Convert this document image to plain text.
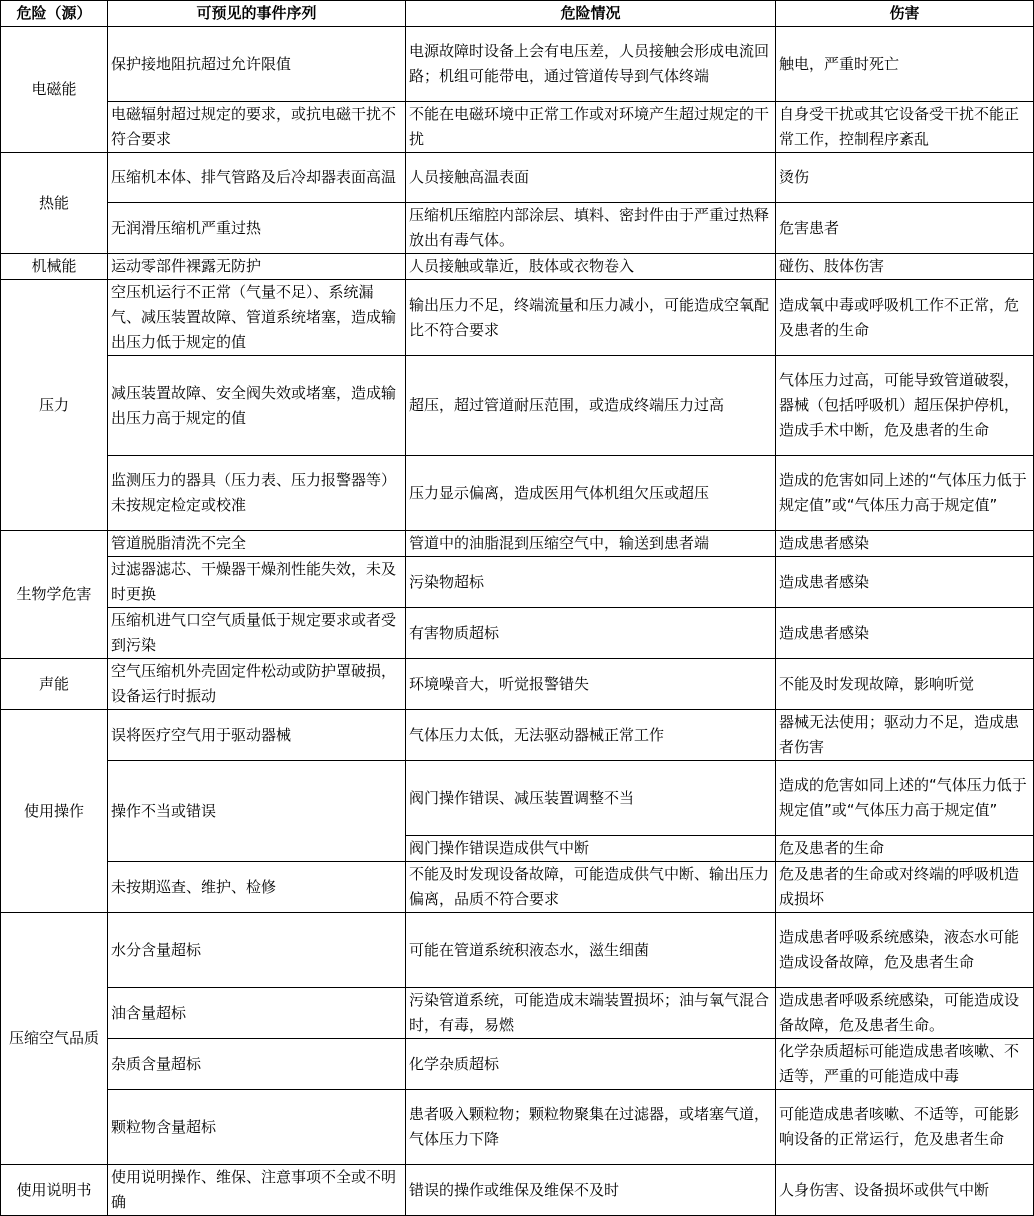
危险（源）	可预见的事件序列	危险情况	伤害
电磁能	保护接地阻抗超过允许限值	电源故障时设备上会有电压差，人员接触会形成电流回路；机组可能带电，通过管道传导到气体终端	触电，严重时死亡
	电磁辐射超过规定的要求，或抗电磁干扰不符合要求	不能在电磁环境中正常工作或对环境产生超过规定的干扰	自身受干扰或其它设备受干扰不能正常工作，控制程序紊乱
热能	压缩机本体、排气管路及后冷却器表面高温	人员接触高温表面	烫伤
	无润滑压缩机严重过热	压缩机压缩腔内部涂层、填料、密封件由于严重过热释放出有毒气体。	危害患者
机械能	运动零部件裸露无防护	人员接触或靠近，肢体或衣物卷入	碰伤、肢体伤害
压力	空压机运行不正常（气量不足）、系统漏气、减压装置故障、管道系统堵塞，造成输出压力低于规定的值	输出压力不足，终端流量和压力减小，可能造成空氧配比不符合要求	造成氧中毒或呼吸机工作不正常，危及患者的生命
	减压装置故障、安全阀失效或堵塞，造成输出压力高于规定的值	超压，超过管道耐压范围，或造成终端压力过高	气体压力过高，可能导致管道破裂，器械（包括呼吸机）超压保护停机，造成手术中断，危及患者的生命
	监测压力的器具（压力表、压力报警器等）未按规定检定或校准	压力显示偏离，造成医用气体机组欠压或超压	造成的危害如同上述的“气体压力低于规定值”或“气体压力高于规定值”
生物学危害	管道脱脂清洗不完全	管道中的油脂混到压缩空气中，输送到患者端	造成患者感染
	过滤器滤芯、干燥器干燥剂性能失效，未及时更换	污染物超标	造成患者感染
	压缩机进气口空气质量低于规定要求或者受到污染	有害物质超标	造成患者感染
声能	空气压缩机外壳固定件松动或防护罩破损，设备运行时振动	环境噪音大，听觉报警错失	不能及时发现故障，影响听觉
使用操作	误将医疗空气用于驱动器械	气体压力太低，无法驱动器械正常工作	器械无法使用；驱动力不足，造成患者伤害
	操作不当或错误	阀门操作错误、减压装置调整不当	造成的危害如同上述的“气体压力低于规定值”或“气体压力高于规定值”
		阀门操作错误造成供气中断	危及患者的生命
	未按期巡查、维护、检修	不能及时发现设备故障，可能造成供气中断、输出压力偏离，品质不符合要求	危及患者的生命或对终端的呼吸机造成损坏
压缩空气品质	水分含量超标	可能在管道系统积液态水，滋生细菌	造成患者呼吸系统感染，液态水可能造成设备故障，危及患者生命
	油含量超标	污染管道系统，可能造成末端装置损坏；油与氧气混合时，有毒，易燃	造成患者呼吸系统感染，可能造成设备故障，危及患者生命。
	杂质含量超标	化学杂质超标	化学杂质超标可能造成患者咳嗽、不适等，严重的可能造成中毒
	颗粒物含量超标	患者吸入颗粒物；颗粒物聚集在过滤器，或堵塞气道，气体压力下降	可能造成患者咳嗽、不适等，可能影响设备的正常运行，危及患者生命
使用说明书	使用说明操作、维保、注意事项不全或不明确	错误的操作或维保及维保不及时	人身伤害、设备损坏或供气中断
